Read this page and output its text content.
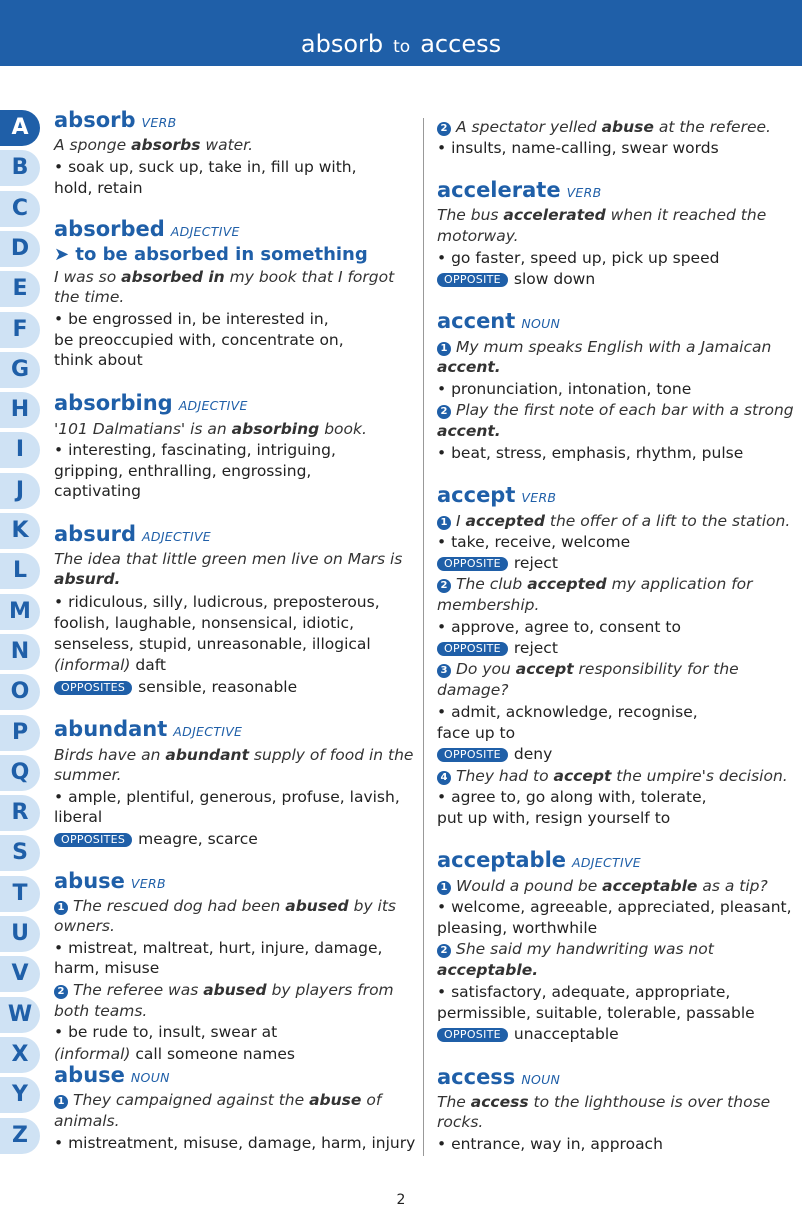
absorb to access
A
B
C
D
E
F
G
H
I
J
K
L
M
N
O
P
Q
R
S
T
U
V
W
X
Y
Z
absorb VERB
A sponge absorbs water.
• soak up, suck up, take in, fill up with,
hold, retain
absorbed ADJECTIVE
➤ to be absorbed in something
I was so absorbed in my book that I forgot
the time.
• be engrossed in, be interested in,
be preoccupied with, concentrate on,
think about
absorbing ADJECTIVE
'101 Dalmatians' is an absorbing book.
• interesting, fascinating, intriguing,
gripping, enthralling, engrossing,
captivating
absurd ADJECTIVE
The idea that little green men live on Mars is
absurd.
• ridiculous, silly, ludicrous, preposterous,
foolish, laughable, nonsensical, idiotic,
senseless, stupid, unreasonable, illogical
(informal) daft
OPPOSITES sensible, reasonable
abundant ADJECTIVE
Birds have an abundant supply of food in the
summer.
• ample, plentiful, generous, profuse, lavish,
liberal
OPPOSITES meagre, scarce
abuse VERB
1 The rescued dog had been abused by its
owners.
• mistreat, maltreat, hurt, injure, damage,
harm, misuse
2 The referee was abused by players from
both teams.
• be rude to, insult, swear at
(informal) call someone names
abuse NOUN
1 They campaigned against the abuse of
animals.
• mistreatment, misuse, damage, harm, injury
2 A spectator yelled abuse at the referee.
• insults, name-calling, swear words
accelerate VERB
The bus accelerated when it reached the
motorway.
• go faster, speed up, pick up speed
OPPOSITE slow down
accent NOUN
1 My mum speaks English with a Jamaican
accent.
• pronunciation, intonation, tone
2 Play the first note of each bar with a strong
accent.
• beat, stress, emphasis, rhythm, pulse
accept VERB
1 I accepted the offer of a lift to the station.
• take, receive, welcome
OPPOSITE reject
2 The club accepted my application for
membership.
• approve, agree to, consent to
OPPOSITE reject
3 Do you accept responsibility for the
damage?
• admit, acknowledge, recognise,
face up to
OPPOSITE deny
4 They had to accept the umpire's decision.
• agree to, go along with, tolerate,
put up with, resign yourself to
acceptable ADJECTIVE
1 Would a pound be acceptable as a tip?
• welcome, agreeable, appreciated, pleasant,
pleasing, worthwhile
2 She said my handwriting was not
acceptable.
• satisfactory, adequate, appropriate,
permissible, suitable, tolerable, passable
OPPOSITE unacceptable
access NOUN
The access to the lighthouse is over those
rocks.
• entrance, way in, approach
2
